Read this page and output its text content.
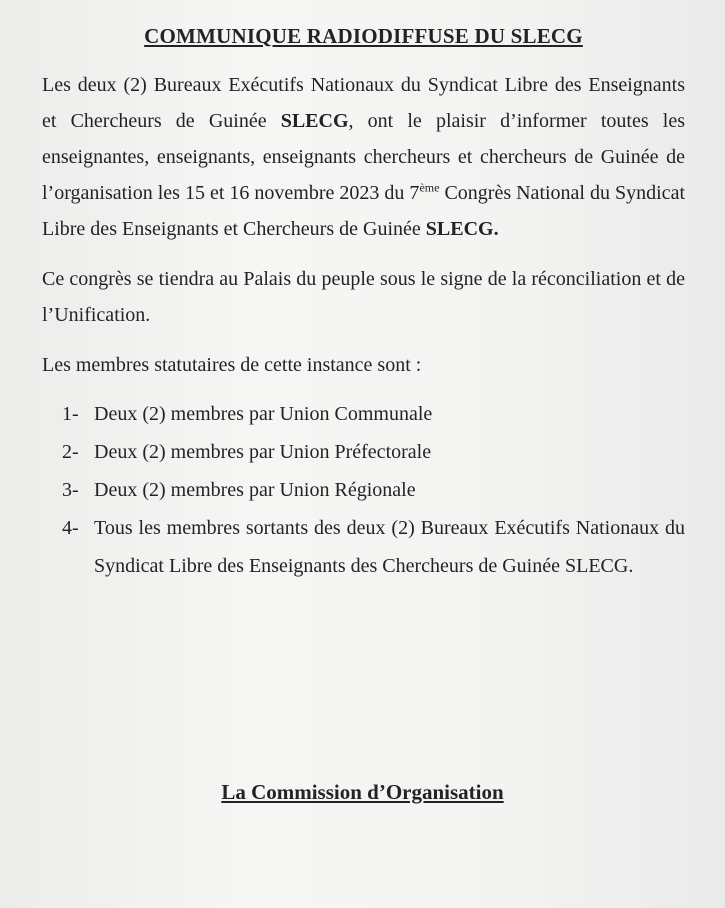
COMMUNIQUE RADIODIFFUSE DU SLECG

Les deux (2) Bureaux Exécutifs Nationaux du Syndicat Libre des Enseignants et Chercheurs de Guinée SLECG, ont le plaisir d’informer toutes les enseignantes, enseignants, enseignants chercheurs et chercheurs de Guinée de l’organisation les 15 et 16 novembre 2023 du 7ème Congrès National du Syndicat Libre des Enseignants et Chercheurs de Guinée SLECG.

Ce congrès se tiendra au Palais du peuple sous le signe de la réconciliation et de l’Unification.

Les membres statutaires de cette instance sont :

1- Deux (2) membres par Union Communale
2- Deux (2) membres par Union Préfectorale
3- Deux (2) membres par Union Régionale
4- Tous les membres sortants des deux (2) Bureaux Exécutifs Nationaux du Syndicat Libre des Enseignants des Chercheurs de Guinée SLECG.
La Commission d’Organisation
